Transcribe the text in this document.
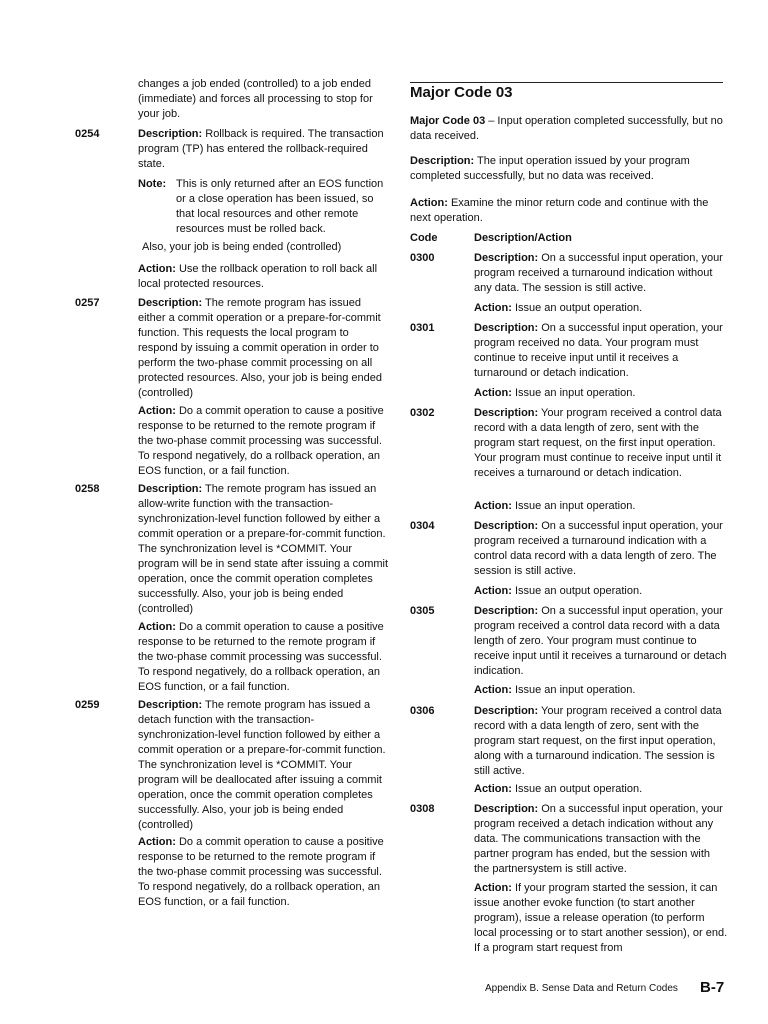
changes a job ended (controlled) to a job ended (immediate) and forces all processing to stop for your job.
0254	Description: Rollback is required. The transaction program (TP) has entered the rollback-required state.
Note: This is only returned after an EOS function or a close operation has been issued, so that local resources and other remote resources must be rolled back.
Also, your job is being ended (controlled)
Action: Use the rollback operation to roll back all local protected resources.
0257	Description: The remote program has issued either a commit operation or a prepare-for-commit function. This requests the local program to respond by issuing a commit operation in order to perform the two-phase commit processing on all protected resources. Also, your job is being ended (controlled)
Action: Do a commit operation to cause a positive response to be returned to the remote program if the two-phase commit processing was successful. To respond negatively, do a rollback operation, an EOS function, or a fail function.
0258	Description: The remote program has issued an allow-write function with the transaction-synchronization-level function followed by either a commit operation or a prepare-for-commit function. The synchronization level is *COMMIT. Your program will be in send state after issuing a commit operation, once the commit operation completes successfully. Also, your job is being ended (controlled)
Action: Do a commit operation to cause a positive response to be returned to the remote program if the two-phase commit processing was successful. To respond negatively, do a rollback operation, an EOS function, or a fail function.
0259	Description: The remote program has issued a detach function with the transaction-synchronization-level function followed by either a commit operation or a prepare-for-commit function. The synchronization level is *COMMIT. Your program will be deallocated after issuing a commit operation, once the commit operation completes successfully. Also, your job is being ended (controlled)
Action: Do a commit operation to cause a positive response to be returned to the remote program if the two-phase commit processing was successful. To respond negatively, do a rollback operation, an EOS function, or a fail function.
Major Code 03
Major Code 03 – Input operation completed successfully, but no data received.
Description: The input operation issued by your program completed successfully, but no data was received.
Action: Examine the minor return code and continue with the next operation.
Code	Description/Action
0300	Description: On a successful input operation, your program received a turnaround indication without any data. The session is still active.
Action: Issue an output operation.
0301	Description: On a successful input operation, your program received no data. Your program must continue to receive input until it receives a turnaround or detach indication.
Action: Issue an input operation.
0302	Description: Your program received a control data record with a data length of zero, sent with the program start request, on the first input operation. Your program must continue to receive input until it receives a turnaround or detach indication.
Action: Issue an input operation.
0304	Description: On a successful input operation, your program received a turnaround indication with a control data record with a data length of zero. The session is still active.
Action: Issue an output operation.
0305	Description: On a successful input operation, your program received a control data record with a data length of zero. Your program must continue to receive input until it receives a turnaround or detach indication.
Action: Issue an input operation.
0306	Description: Your program received a control data record with a data length of zero, sent with the program start request, on the first input operation, along with a turnaround indication. The session is still active.
Action: Issue an output operation.
0308	Description: On a successful input operation, your program received a detach indication without any data. The communications transaction with the partner program has ended, but the session with the partnersystem is still active.
Action: If your program started the session, it can issue another evoke function (to start another program), issue a release operation (to perform local processing or to start another session), or end. If a program start request from
Appendix B. Sense Data and Return Codes B-7
